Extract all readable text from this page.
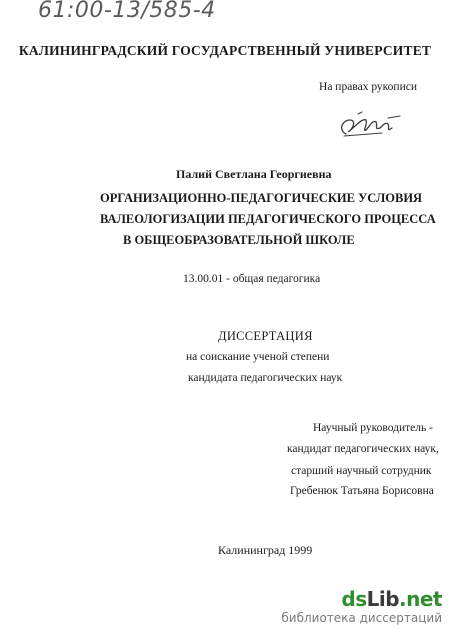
61:00-13/585-4
КАЛИНИНГРАДСКИЙ ГОСУДАРСТВЕННЫЙ УНИВЕРСИТЕТ
На правах рукописи
Палий Светлана Георгиевна
ОРГАНИЗАЦИОННО-ПЕДАГОГИЧЕСКИЕ УСЛОВИЯ
ВАЛЕОЛОГИЗАЦИИ ПЕДАГОГИЧЕСКОГО ПРОЦЕССА
В ОБЩЕОБРАЗОВАТЕЛЬНОЙ ШКОЛЕ
13.00.01 - общая педагогика
ДИССЕРТАЦИЯ
на соискание ученой степени
кандидата педагогических наук
Научный руководитель -
кандидат педагогических наук,
старший научный сотрудник
Гребенюк Татьяна Борисовна
Калининград 1999
dsLib.net
библиотека диссертаций
